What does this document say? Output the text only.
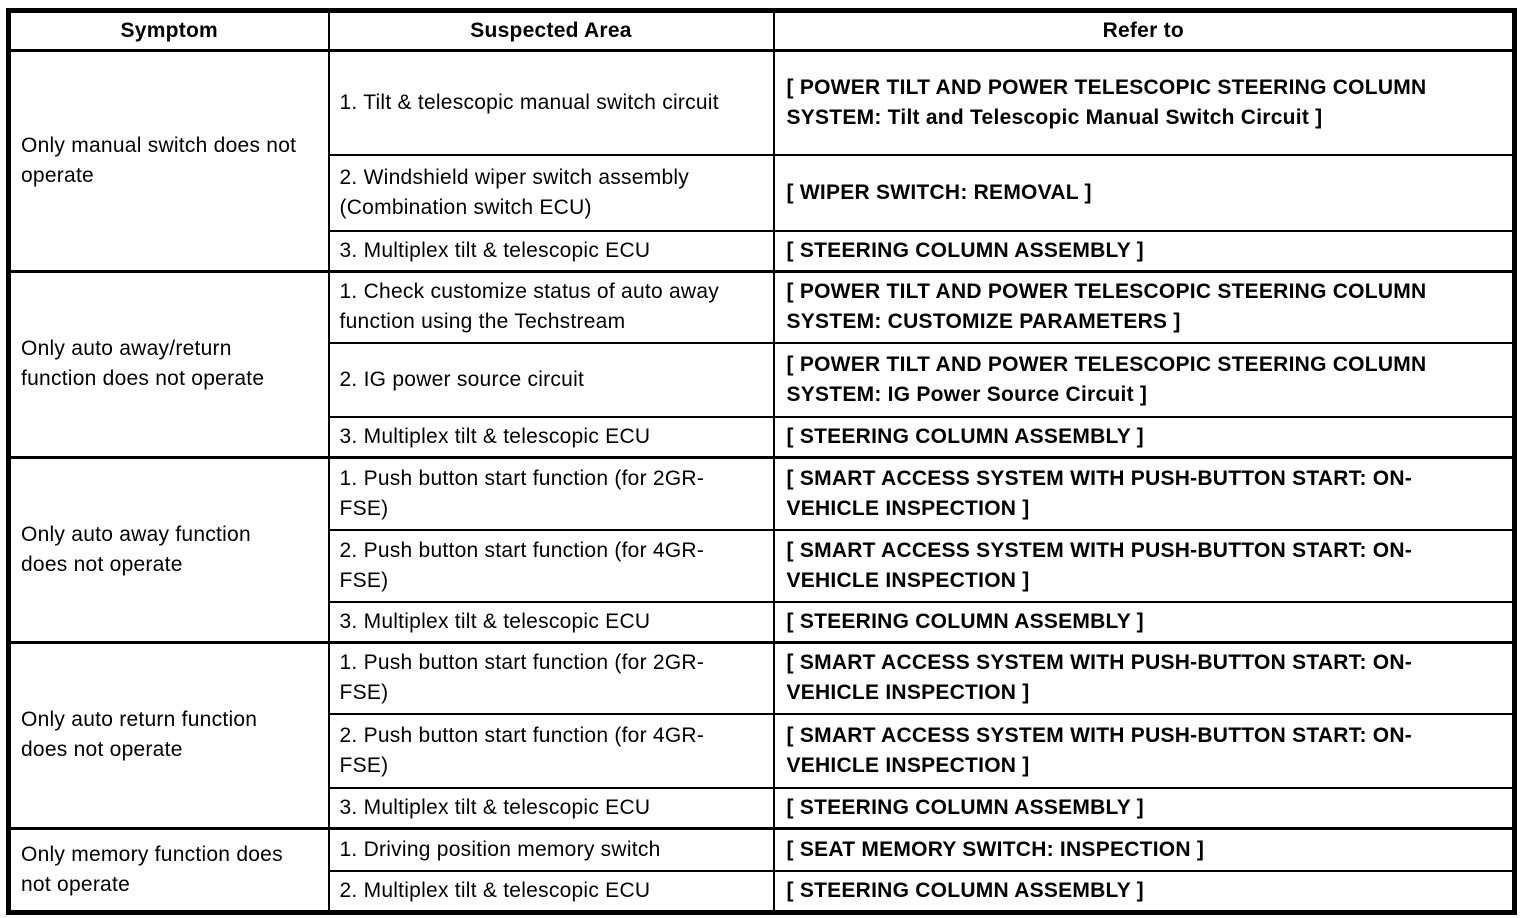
Symptom	Suspected Area	Refer to
Only manual switch does not operate	1. Tilt & telescopic manual switch circuit	[ POWER TILT AND POWER TELESCOPIC STEERING COLUMN SYSTEM: Tilt and Telescopic Manual Switch Circuit ]
	2. Windshield wiper switch assembly (Combination switch ECU)	[ WIPER SWITCH: REMOVAL ]
	3. Multiplex tilt & telescopic ECU	[ STEERING COLUMN ASSEMBLY ]
Only auto away/return function does not operate	1. Check customize status of auto away function using the Techstream	[ POWER TILT AND POWER TELESCOPIC STEERING COLUMN SYSTEM: CUSTOMIZE PARAMETERS ]
	2. IG power source circuit	[ POWER TILT AND POWER TELESCOPIC STEERING COLUMN SYSTEM: IG Power Source Circuit ]
	3. Multiplex tilt & telescopic ECU	[ STEERING COLUMN ASSEMBLY ]
Only auto away function does not operate	1. Push button start function (for 2GR-FSE)	[ SMART ACCESS SYSTEM WITH PUSH-BUTTON START: ON-VEHICLE INSPECTION ]
	2. Push button start function (for 4GR-FSE)	[ SMART ACCESS SYSTEM WITH PUSH-BUTTON START: ON-VEHICLE INSPECTION ]
	3. Multiplex tilt & telescopic ECU	[ STEERING COLUMN ASSEMBLY ]
Only auto return function does not operate	1. Push button start function (for 2GR-FSE)	[ SMART ACCESS SYSTEM WITH PUSH-BUTTON START: ON-VEHICLE INSPECTION ]
	2. Push button start function (for 4GR-FSE)	[ SMART ACCESS SYSTEM WITH PUSH-BUTTON START: ON-VEHICLE INSPECTION ]
	3. Multiplex tilt & telescopic ECU	[ STEERING COLUMN ASSEMBLY ]
Only memory function does not operate	1. Driving position memory switch	[ SEAT MEMORY SWITCH: INSPECTION ]
	2. Multiplex tilt & telescopic ECU	[ STEERING COLUMN ASSEMBLY ]
